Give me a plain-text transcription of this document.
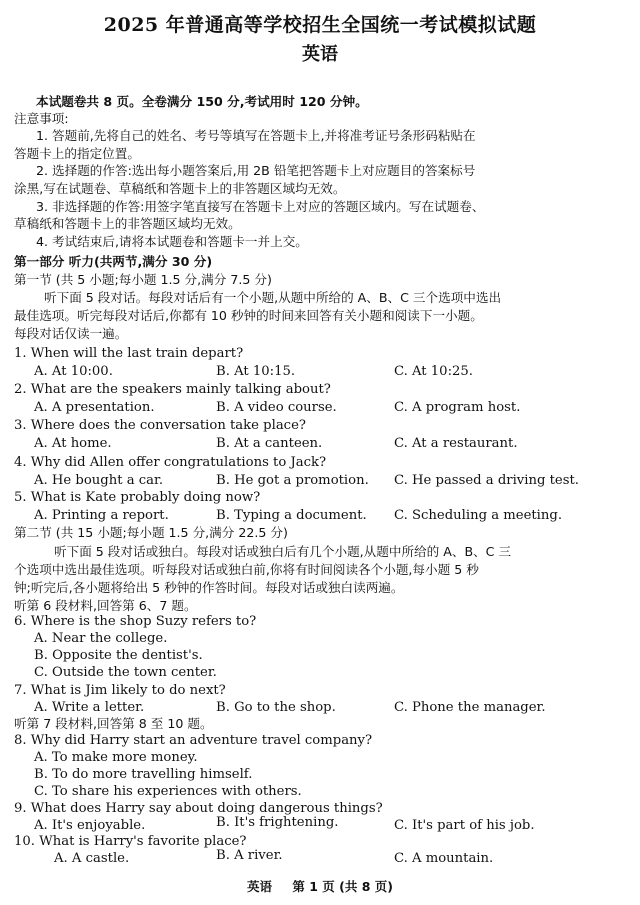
2025 年普通高等学校招生全国统一考试模拟试题
英语
本试题卷共 8 页。全卷满分 150 分,考试用时 120 分钟。
注意事项:
1. 答题前,先将自己的姓名、考号等填写在答题卡上,并将准考证号条形码粘贴在
答题卡上的指定位置。
2. 选择题的作答:选出每小题答案后,用 2B 铅笔把答题卡上对应题目的答案标号
涂黑,写在试题卷、草稿纸和答题卡上的非答题区域均无效。
3. 非选择题的作答:用签字笔直接写在答题卡上对应的答题区域内。写在试题卷、
草稿纸和答题卡上的非答题区域均无效。
4. 考试结束后,请将本试题卷和答题卡一并上交。
第一部分 听力(共两节,满分 30 分)
第一节 (共 5 小题;每小题 1.5 分,满分 7.5 分)
听下面 5 段对话。每段对话后有一个小题,从题中所给的 A、B、C 三个选项中选出
最佳选项。听完每段对话后,你都有 10 秒钟的时间来回答有关小题和阅读下一小题。
每段对话仅读一遍。
1. When will the last train depart?
A. At 10:00.	B. At 10:15.	C. At 10:25.
2. What are the speakers mainly talking about?
A. A presentation.	B. A video course.	C. A program host.
3. Where does the conversation take place?
A. At home.	B. At a canteen.	C. At a restaurant.
4. Why did Allen offer congratulations to Jack?
A. He bought a car.	B. He got a promotion. C. He passed a driving test.
5. What is Kate probably doing now?
A. Printing a report.	B. Typing a document. C. Scheduling a meeting.
第二节 (共 15 小题;每小题 1.5 分,满分 22.5 分)
听下面 5 段对话或独白。每段对话或独白后有几个小题,从题中所给的 A、B、C 三
个选项中选出最佳选项。听每段对话或独白前,你将有时间阅读各个小题,每小题 5 秒
钟;听完后,各小题将给出 5 秒钟的作答时间。每段对话或独白读两遍。
听第 6 段材料,回答第 6、7 题。
6. Where is the shop Suzy refers to?
A. Near the college.
B. Opposite the dentist's.
C. Outside the town center.
7. What is Jim likely to do next?
A. Write a letter.	B. Go to the shop.	C. Phone the manager.
听第 7 段材料,回答第 8 至 10 题。
8. Why did Harry start an adventure travel company?
A. To make more money.
B. To do more travelling himself.
C. To share his experiences with others.
9. What does Harry say about doing dangerous things?
A. It's enjoyable.	B. It's frightening.	C. It's part of his job.
10. What is Harry's favorite place?
A. A castle.	B. A river.	C. A mountain.
英语 第 1 页 (共 8 页)
